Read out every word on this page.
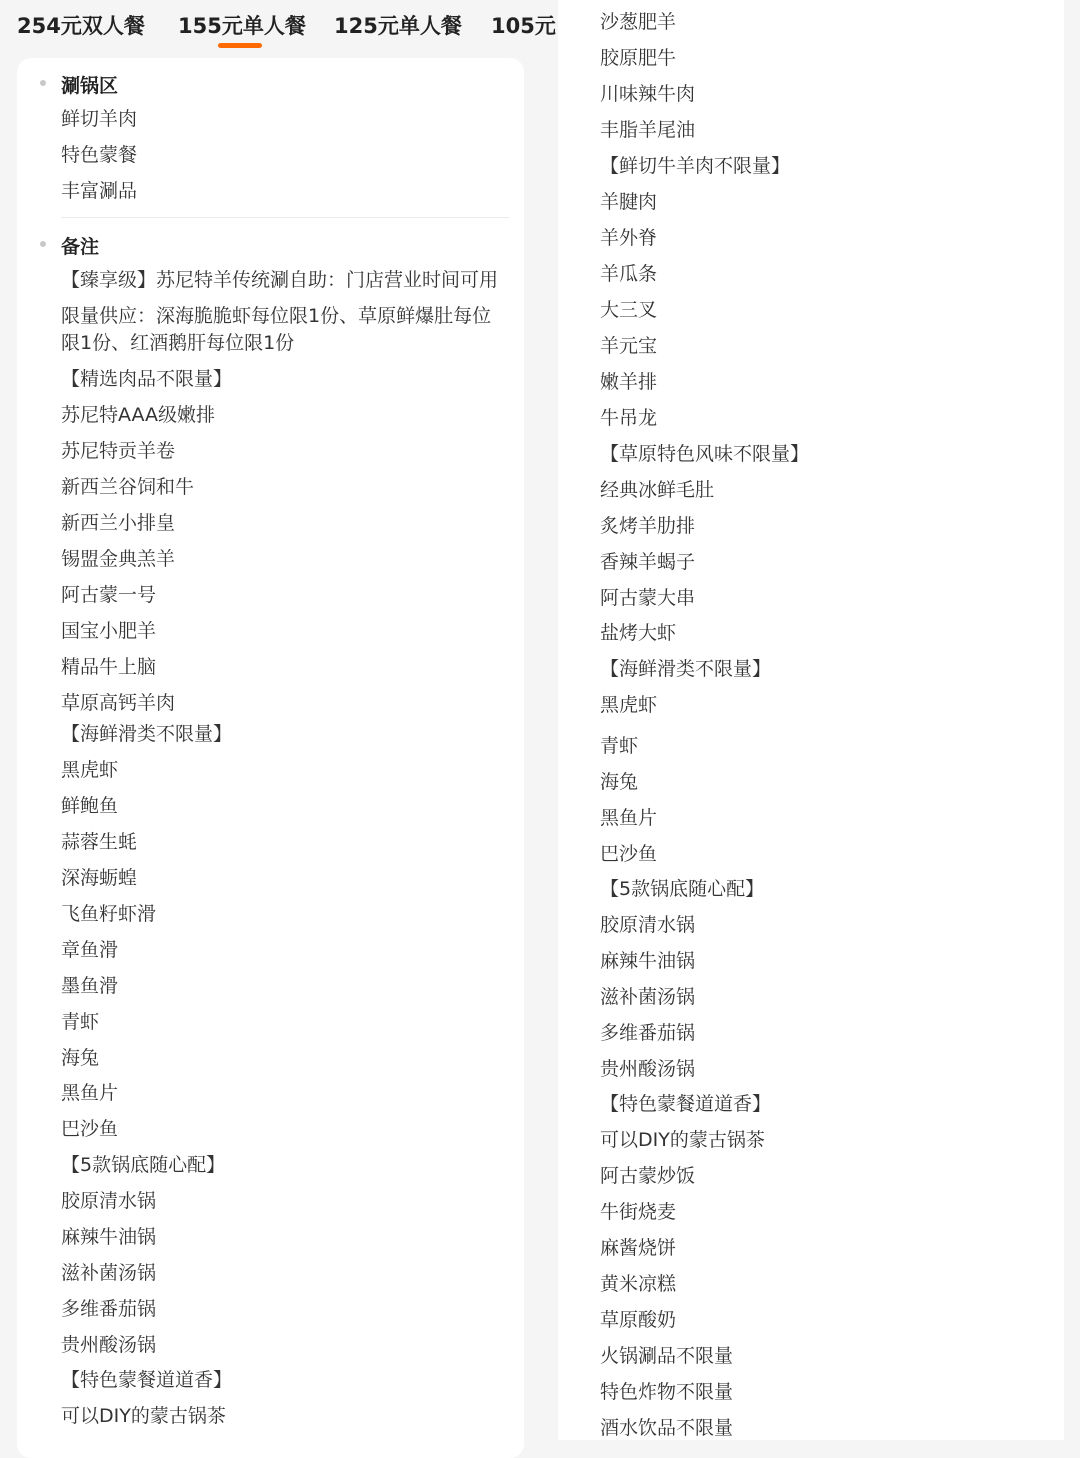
254元双人餐 155元单人餐 125元单人餐 105元
涮锅区
鲜切羊肉
特色蒙餐
丰富涮品
备注
【臻享级】苏尼特羊传统涮自助：门店营业时间可用
限量供应：深海脆脆虾每位限1份、草原鲜爆肚每位限1份、红酒鹅肝每位限1份
【精选肉品不限量】
苏尼特AAA级嫩排
苏尼特贡羊卷
新西兰谷饲和牛
新西兰小排皇
锡盟金典羔羊
阿古蒙一号
国宝小肥羊
精品牛上脑
草原高钙羊肉
【海鲜滑类不限量】
黑虎虾
鲜鲍鱼
蒜蓉生蚝
深海蛎蝗
飞鱼籽虾滑
章鱼滑
墨鱼滑
青虾
海兔
黑鱼片
巴沙鱼
【5款锅底随心配】
胶原清水锅
麻辣牛油锅
滋补菌汤锅
多维番茄锅
贵州酸汤锅
【特色蒙餐道道香】
可以DIY的蒙古锅茶
沙葱肥羊
胶原肥牛
川味辣牛肉
丰脂羊尾油
【鲜切牛羊肉不限量】
羊腱肉
羊外脊
羊瓜条
大三叉
羊元宝
嫩羊排
牛吊龙
【草原特色风味不限量】
经典冰鲜毛肚
炙烤羊肋排
香辣羊蝎子
阿古蒙大串
盐烤大虾
【海鲜滑类不限量】
黑虎虾
青虾
海兔
黑鱼片
巴沙鱼
【5款锅底随心配】
胶原清水锅
麻辣牛油锅
滋补菌汤锅
多维番茄锅
贵州酸汤锅
【特色蒙餐道道香】
可以DIY的蒙古锅茶
阿古蒙炒饭
牛街烧麦
麻酱烧饼
黄米凉糕
草原酸奶
火锅涮品不限量
特色炸物不限量
酒水饮品不限量
